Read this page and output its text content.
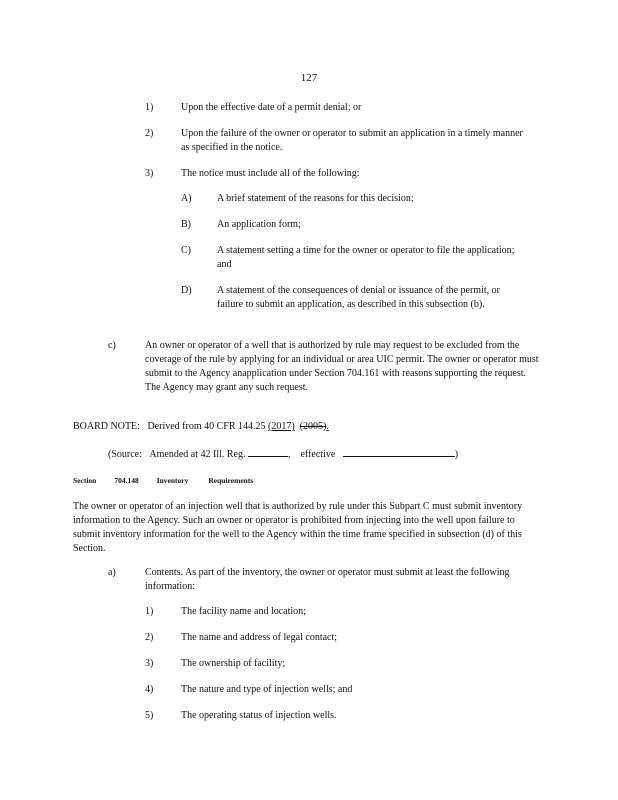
127
1)	Upon the effective date of a permit denial; or
2)	Upon the failure of the owner or operator to submit an application in a timely manner as specified in the notice.
3)	The notice must include all of the following:
A)	A brief statement of the reasons for this decision;
B)	An application form;
C)	A statement setting a time for the owner or operator to file the application; and
D)	A statement of the consequences of denial or issuance of the permit, or failure to submit an application, as described in this subsection (b).
c)	An owner or operator of a well that is authorized by rule may request to be excluded from the coverage of the rule by applying for an individual or area UIC permit. The owner or operator must submit to the Agency anapplication under Section 704.161 with reasons supporting the request. The Agency may grant any such request.
BOARD NOTE: Derived from 40 CFR 144.25 (2017) (2005).
(Source: Amended at 42 Ill. Reg.	, effective	)
Section 704.148 Inventory	Requirements
The owner or operator of an injection well that is authorized by rule under this Subpart C must submit inventory information to the Agency. Such an owner or operator is prohibited from injecting into the well upon failure to submit inventory information for the well to the Agency within the time frame specified in subsection (d) of this Section.
a)	Contents. As part of the inventory, the owner or operator must submit at least the following information:
1)	The facility name and location;
2)	The name and address of legal contact;
3)	The ownership of facility;
4)	The nature and type of injection wells; and
5)	The operating status of injection wells.
